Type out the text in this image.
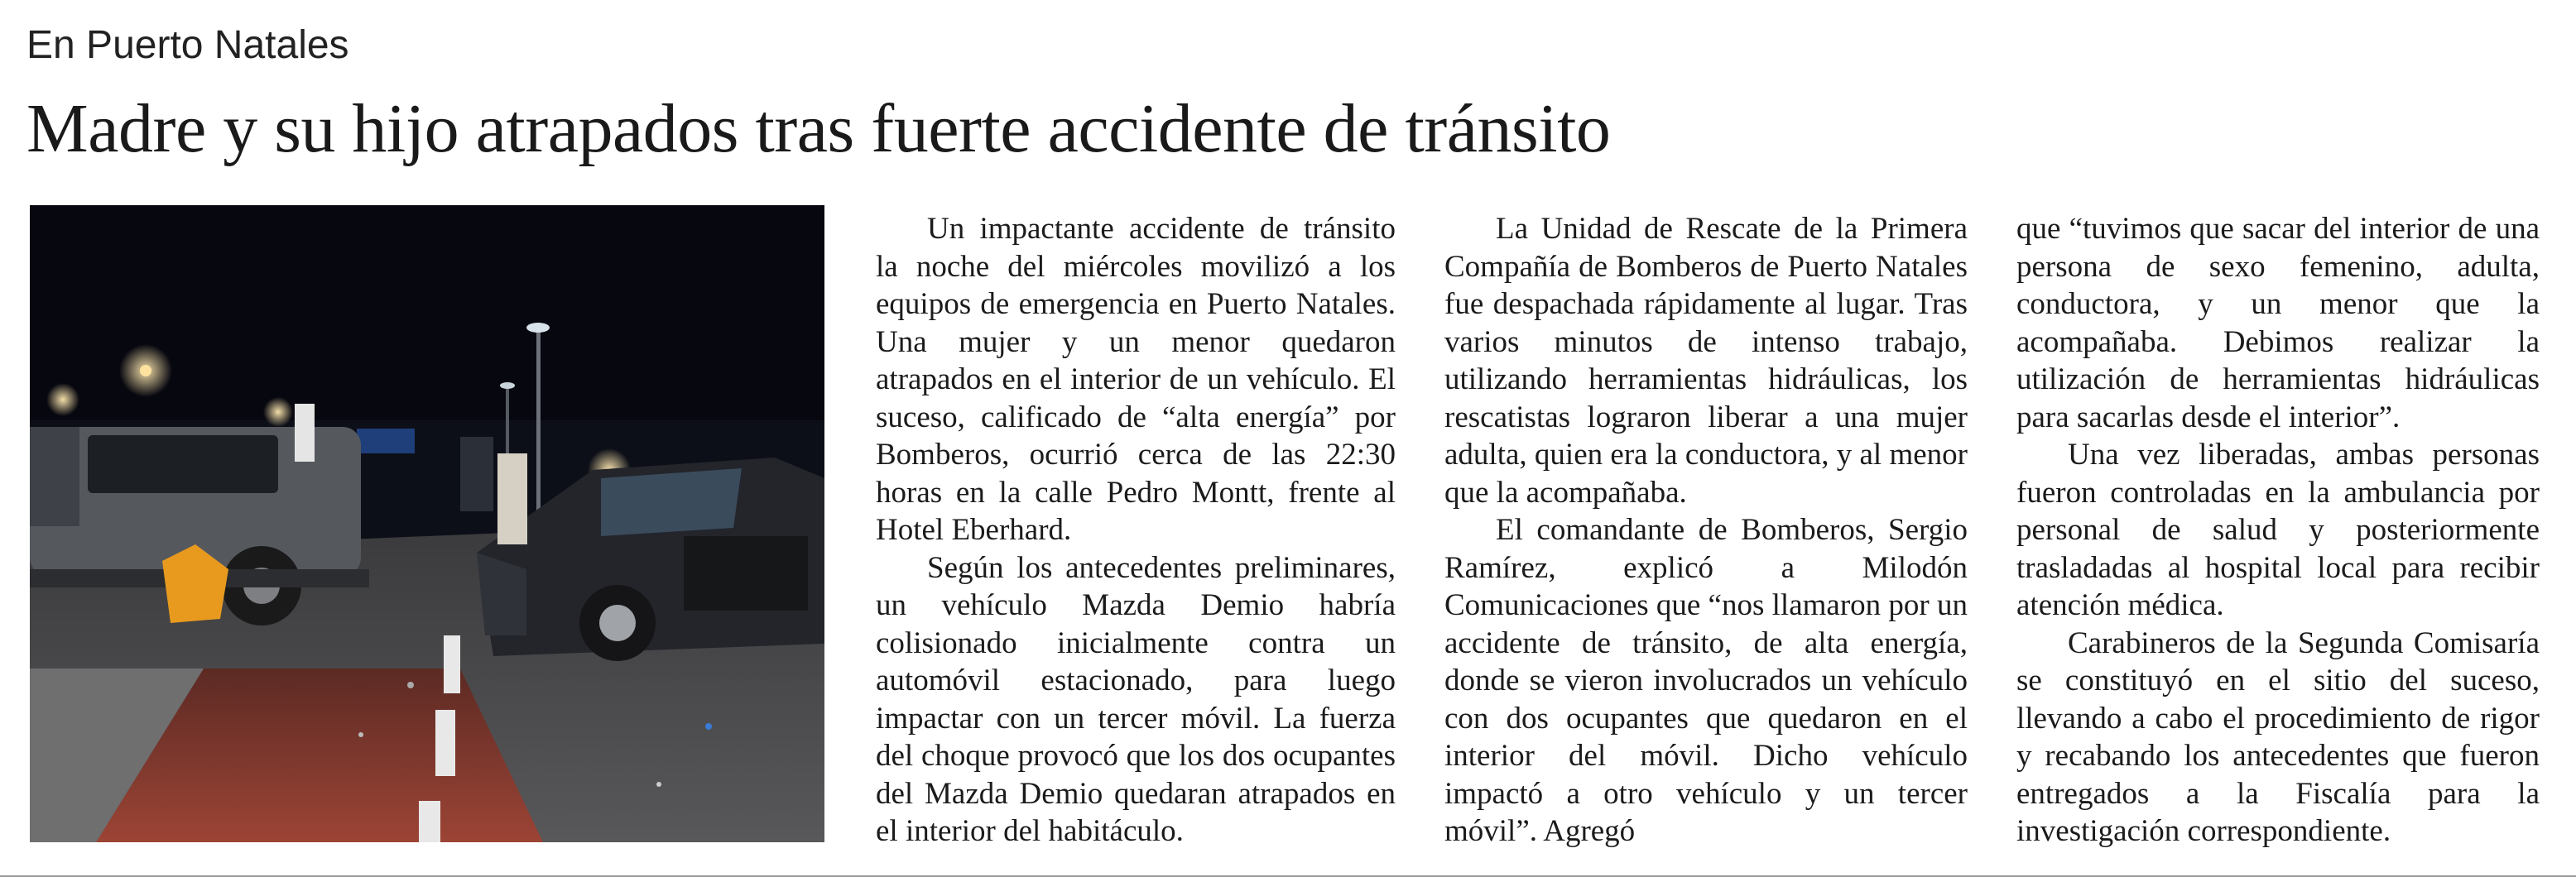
En Puerto Natales
Madre y su hijo atrapados tras fuerte accidente de tránsito

Un impactante accidente de tránsito la noche del miércoles movilizó a los equipos de emergencia en Puerto Natales. Una mujer y un menor quedaron atrapados en el interior de un vehículo. El suceso, calificado de “alta energía” por Bomberos, ocurrió cerca de las 22:30 horas en la calle Pedro Montt, frente al Hotel Eberhard.

Según los antecedentes preliminares, un vehículo Mazda Demio habría colisionado inicialmente contra un automóvil estacionado, para luego impactar con un tercer móvil. La fuerza del choque provocó que los dos ocupantes del Mazda Demio quedaran atrapados en el interior del habitáculo.

La Unidad de Rescate de la Primera Compañía de Bomberos de Puerto Natales fue despachada rápidamente al lugar. Tras varios minutos de intenso trabajo, utilizando herramientas hidráulicas, los rescatistas lograron liberar a una mujer adulta, quien era la conductora, y al menor que la acompañaba.

El comandante de Bomberos, Sergio Ramírez, explicó a Milodón Comunicaciones que “nos llamaron por un accidente de tránsito, de alta energía, donde se vieron involucrados un vehículo con dos ocupantes que quedaron en el interior del móvil. Dicho vehículo impactó a otro vehículo y un tercer móvil”. Agregó

que “tuvimos que sacar del interior de una persona de sexo femenino, adulta, conductora, y un menor que la acompañaba. Debimos realizar la utilización de herramientas hidráulicas para sacarlas desde el interior”.

Una vez liberadas, ambas personas fueron controladas en la ambulancia por personal de salud y posteriormente trasladadas al hospital local para recibir atención médica.

Carabineros de la Segunda Comisaría se constituyó en el sitio del suceso, llevando a cabo el procedimiento de rigor y recabando los antecedentes que fueron entregados a la Fiscalía para la investigación correspondiente.
